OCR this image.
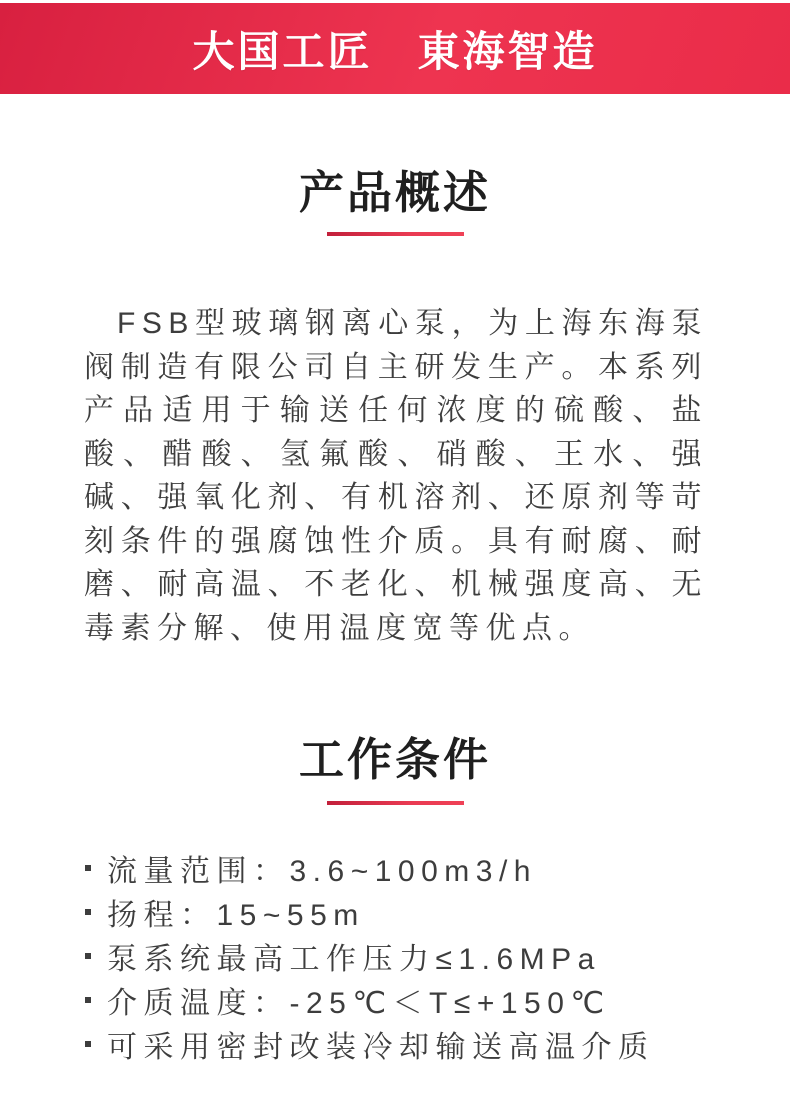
大国工匠　東海智造
产品概述

FSB型玻璃钢离心泵，为上海东海泵阀制造有限公司自主研发生产。本系列产品适用于输送任何浓度的硫酸、盐酸、醋酸、氢氟酸、硝酸、王水、强碱、强氧化剂、有机溶剂、还原剂等苛刻条件的强腐蚀性介质。具有耐腐、耐磨、耐高温、不老化、机械强度高、无毒素分解、使用温度宽等优点。

工作条件
流量范围：3.6~100m3/h
扬程：15~55m
泵系统最高工作压力≤1.6MPa
介质温度：-25℃＜T≤+150℃
可采用密封改装冷却输送高温介质
